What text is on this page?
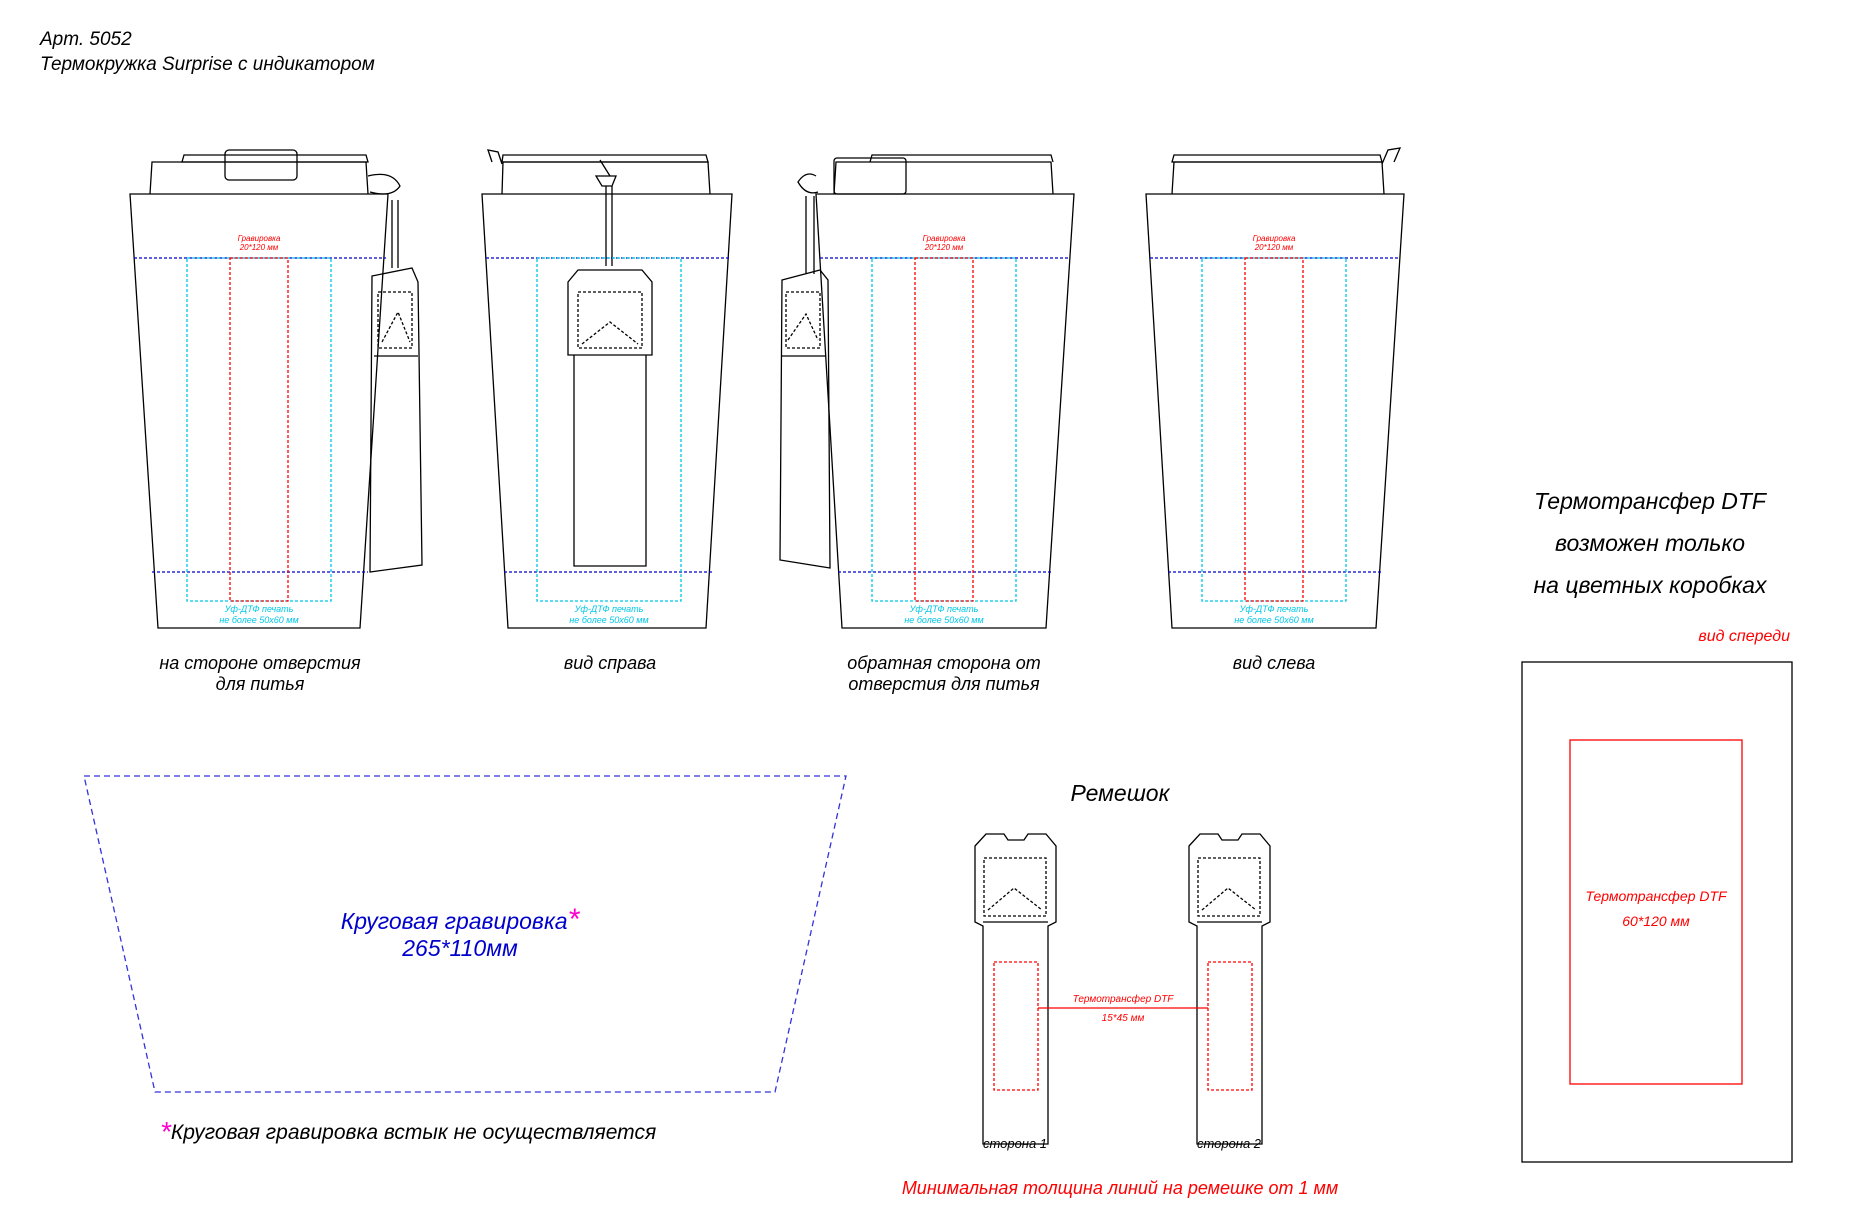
Арт. 5052
Термокружка Surprise с индикатором
Гравировка
20*120 мм
Гравировка
20*120 мм
Гравировка
20*120 мм
Уф-ДТФ печать
не более 50х60 мм
Уф-ДТФ печать
не более 50х60 мм
Уф-ДТФ печать
не более 50х60 мм
Уф-ДТФ печать
не более 50х60 мм
Термотрансфер DTF
15*45 мм
на стороне отверстия
для питья
вид справа	обратная сторона от
отверстия для питья
вид слева
Круговая гравировка*
265*110мм
*Круговая гравировка встык не осуществляется
Ремешок
сторона 1	сторона 2
Минимальная толщина линий на ремешке от 1 мм
Термотрансфер DTF
возможен только
на цветных коробках
вид спереди
Термотрансфер DTF
60*120 мм
